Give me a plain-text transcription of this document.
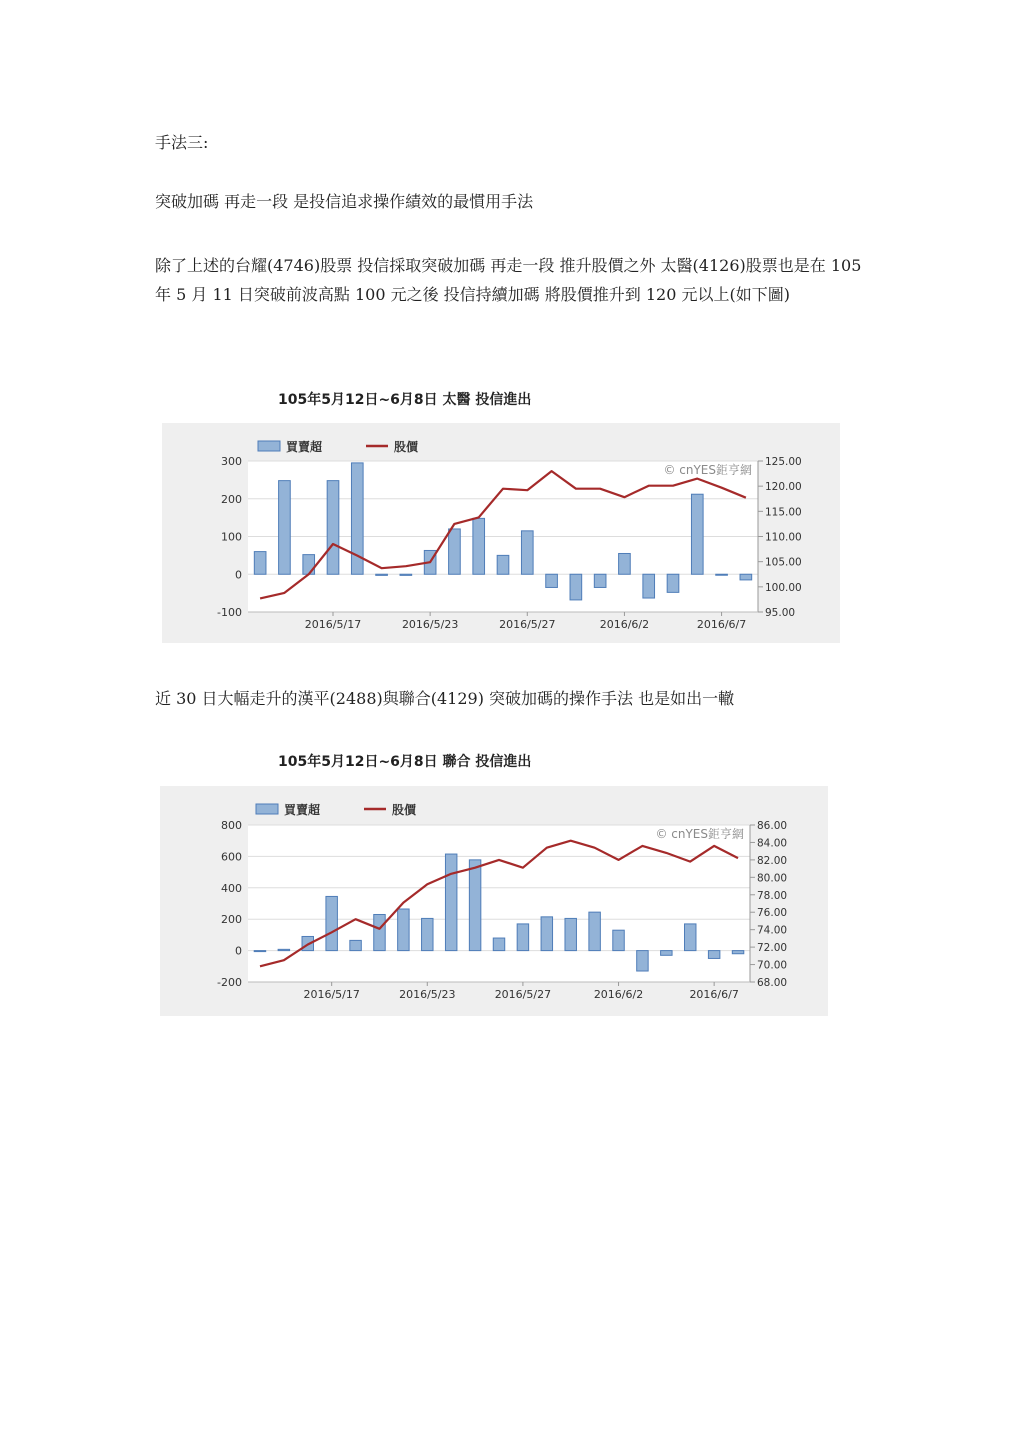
手法三:

突破加碼 再走一段 是投信追求操作績效的最慣用手法

除了上述的台耀(4746)股票 投信採取突破加碼 再走一段 推升股價之外 太醫(4126)股票也是在 105 年 5 月 11 日突破前波高點 100 元之後 投信持續加碼 將股價推升到 120 元以上(如下圖)

105年5月12日~6月8日 太醫 投信進出

300
200
100
0
-100
125.00
120.00
115.00
110.00
105.00
100.00
95.00
2016/5/17	2016/5/23	2016/5/27	2016/6/2	2016/6/7
買賣超	股價
© cnYES鉅亨網

近 30 日大幅走升的漢平(2488)與聯合(4129) 突破加碼的操作手法 也是如出一轍

105年5月12日~6月8日 聯合 投信進出

800
600
400
200
0
-200
86.00
84.00
82.00
80.00
78.00
76.00
74.00
72.00
70.00
68.00
2016/5/17	2016/5/23	2016/5/27	2016/6/2	2016/6/7
買賣超	股價
© cnYES鉅亨網
